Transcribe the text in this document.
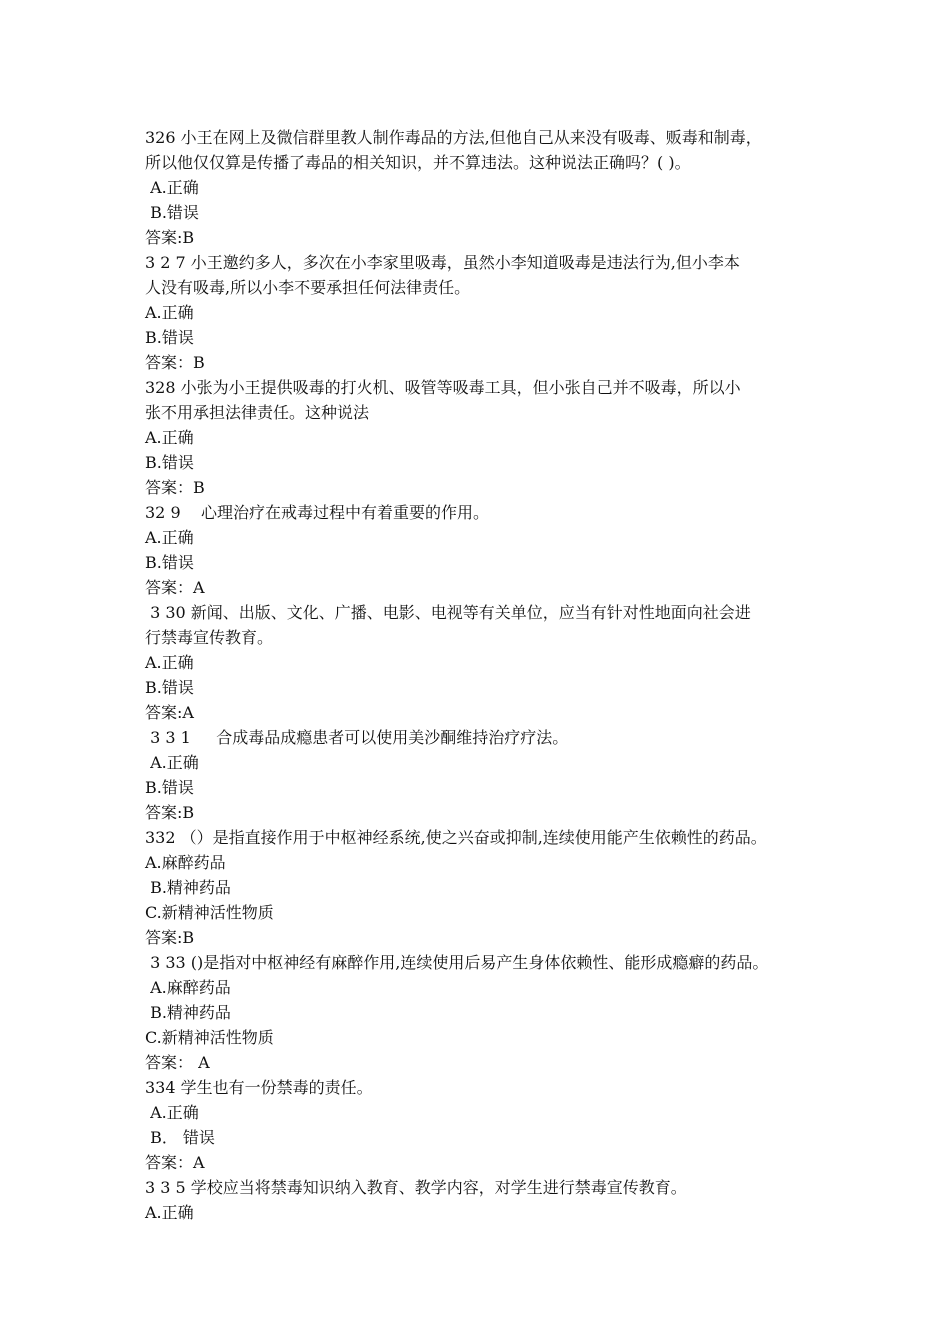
326 小王在网上及微信群里教人制作毒品的方法,但他自己从来没有吸毒、贩毒和制毒，
所以他仅仅算是传播了毒品的相关知识，并不算违法。这种说法正确吗？( )。
A.正确
B.错误
答案:B
3 2 7 小王邀约多人，多次在小李家里吸毒，虽然小李知道吸毒是违法行为,但小李本
人没有吸毒,所以小李不要承担任何法律责任。
A.正确
B.错误
答案：B
328 小张为小王提供吸毒的打火机、吸管等吸毒工具，但小张自己并不吸毒，所以小
张不用承担法律责任。这种说法
A.正确
B.错误
答案：B
32 9    心理治疗在戒毒过程中有着重要的作用。
A.正确
B.错误
答案：A
3 30 新闻、出版、文化、广播、电影、电视等有关单位，应当有针对性地面向社会进
行禁毒宣传教育。
A.正确
B.错误
答案:A
3 3 1     合成毒品成瘾患者可以使用美沙酮维持治疗疗法。
A.正确
B.错误
答案:B
332 （）是指直接作用于中枢神经系统,使之兴奋或抑制,连续使用能产生依赖性的药品。
A.麻醉药品
B.精神药品
C.新精神活性物质
答案:B
3 33 ()是指对中枢神经有麻醉作用,连续使用后易产生身体依赖性、能形成瘾癖的药品。
A.麻醉药品
B.精神药品
C.新精神活性物质
答案： A
334 学生也有一份禁毒的责任。
A.正确
B． 错误
答案：A
3 3 5 学校应当将禁毒知识纳入教育、教学内容，对学生进行禁毒宣传教育。
A.正确
